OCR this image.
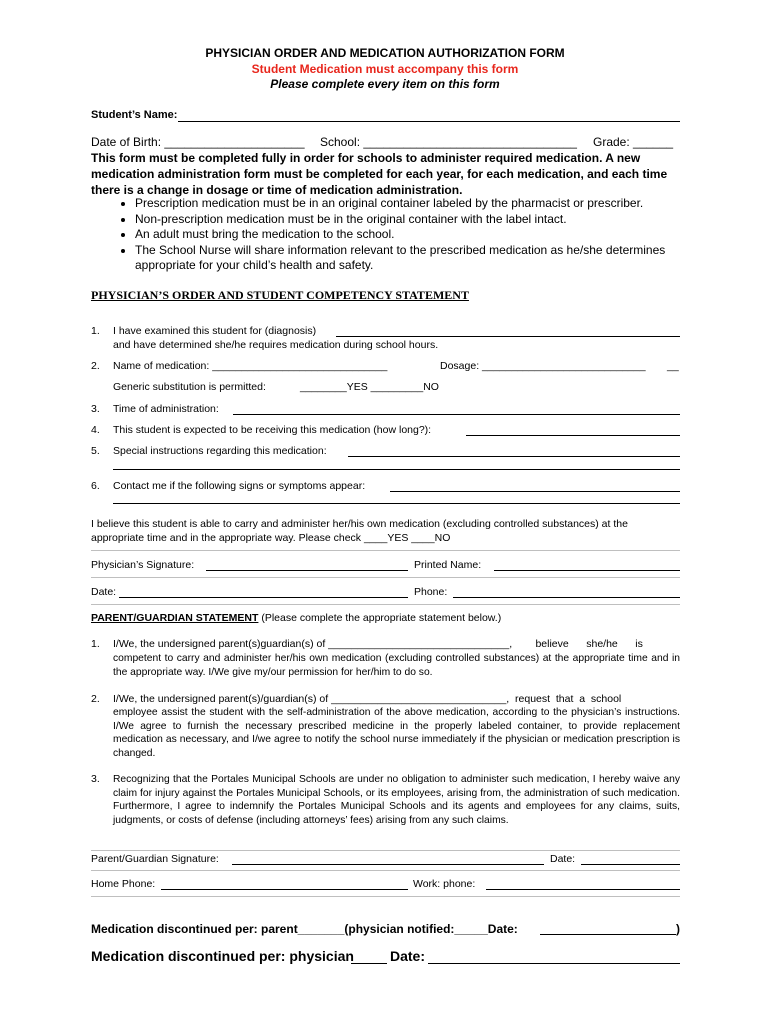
PHYSICIAN ORDER AND MEDICATION AUTHORIZATION FORM
Student Medication must accompany this form
Please complete every item on this form
Student’s Name:
Date of Birth: _____________________ School: ________________________________ Grade: ______
This form must be completed fully in order for schools to administer required medication. A new medication administration form must be completed for each year, for each medication, and each time there is a change in dosage or time of medication administration.
• Prescription medication must be in an original container labeled by the pharmacist or prescriber.
• Non-prescription medication must be in the original container with the label intact.
• An adult must bring the medication to the school.
• The School Nurse will share information relevant to the prescribed medication as he/she determines appropriate for your child’s health and safety.
PHYSICIAN’S ORDER AND STUDENT COMPETENCY STATEMENT
1. I have examined this student for (diagnosis)
and have determined she/he requires medication during school hours.
2. Name of medication: ______________________________	Dosage: ____________________________ __
Generic substitution is permitted:	________YES _________NO
3. Time of administration:
4. This student is expected to be receiving this medication (how long?):
5. Special instructions regarding this medication:
6. Contact me if the following signs or symptoms appear:
I believe this student is able to carry and administer her/his own medication (excluding controlled substances) at the
appropriate time and in the appropriate way. Please check ____YES ____NO
Physician’s Signature:	Printed Name:
Date:	Phone:
PARENT/GUARDIAN STATEMENT (Please complete the appropriate statement below.)
1. I/We, the undersigned parent(s)guardian(s) of _______________________________,        believe      she/he      is
competent to carry and administer her/his own medication (excluding controlled substances) at the appropriate time and in the appropriate way. I/We give my/our permission for her/him to do so.
2. I/We, the undersigned parent(s)/guardian(s) of ______________________________,  request  that  a  school
employee assist the student with the self-administration of the above medication, according to the physician’s instructions. I/We agree to furnish the necessary prescribed medicine in the properly labeled container, to provide replacement medication as necessary, and I/we agree to notify the school nurse immediately if the physician or medication prescription is changed.
3. Recognizing that the Portales Municipal Schools are under no obligation to administer such medication, I hereby waive any claim for injury against the Portales Municipal Schools, or its employees, arising from, the administration of such medication. Furthermore, I agree to indemnify the Portales Municipal Schools and its agents and employees for any claims, suits, judgments, or costs of defense (including attorneys’ fees) arising from any such claims.
Parent/Guardian Signature:	Date:
Home Phone:	Work: phone:
Medication discontinued per: parent_______(physician notified:_____Date:	)
Medication discontinued per: physician	Date:
